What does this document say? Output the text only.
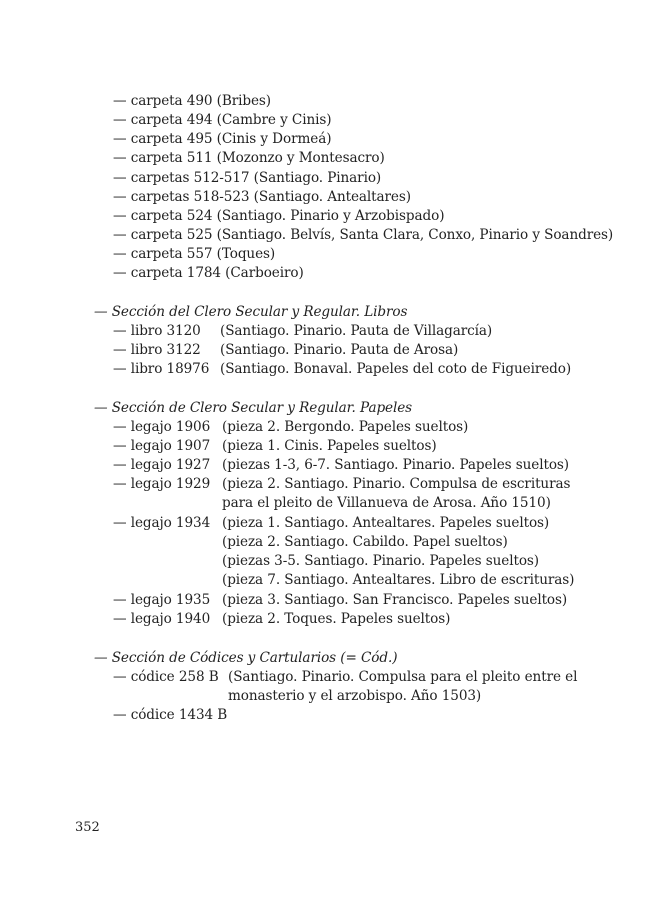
— carpeta 490 (Bribes)
— carpeta 494 (Cambre y Cinis)
— carpeta 495 (Cinis y Dormeá)
— carpeta 511 (Mozonzo y Montesacro)
— carpetas 512-517 (Santiago. Pinario)
— carpetas 518-523 (Santiago. Antealtares)
— carpeta 524 (Santiago. Pinario y Arzobispado)
— carpeta 525 (Santiago. Belvís, Santa Clara, Conxo, Pinario y Soandres)
— carpeta 557 (Toques)
— carpeta 1784 (Carboeiro)
— Sección del Clero Secular y Regular. Libros
— libro 3120 (Santiago. Pinario. Pauta de Villagarcía)
— libro 3122 (Santiago. Pinario. Pauta de Arosa)
— libro 18976 (Santiago. Bonaval. Papeles del coto de Figueiredo)
— Sección de Clero Secular y Regular. Papeles
— legajo 1906 (pieza 2. Bergondo. Papeles sueltos)
— legajo 1907 (pieza 1. Cinis. Papeles sueltos)
— legajo 1927 (piezas 1-3, 6-7. Santiago. Pinario. Papeles sueltos)
— legajo 1929 (pieza 2. Santiago. Pinario. Compulsa de escrituras
para el pleito de Villanueva de Arosa. Año 1510)
— legajo 1934 (pieza 1. Santiago. Antealtares. Papeles sueltos)
(pieza 2. Santiago. Cabildo. Papel sueltos)
(piezas 3-5. Santiago. Pinario. Papeles sueltos)
(pieza 7. Santiago. Antealtares. Libro de escrituras)
— legajo 1935 (pieza 3. Santiago. San Francisco. Papeles sueltos)
— legajo 1940 (pieza 2. Toques. Papeles sueltos)
— Sección de Códices y Cartularios (= Cód.)
— códice 258 B (Santiago. Pinario. Compulsa para el pleito entre el
monasterio y el arzobispo. Año 1503)
— códice 1434 B
352
